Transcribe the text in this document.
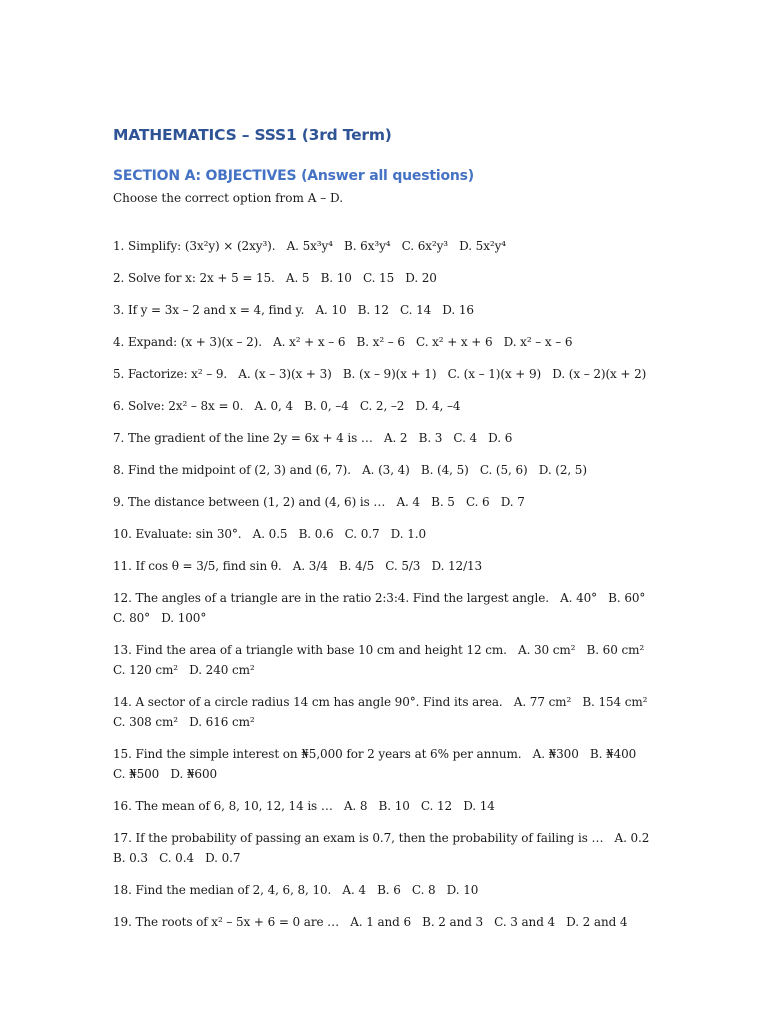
MATHEMATICS – SSS1 (3rd Term)
SECTION A: OBJECTIVES (Answer all questions)

Choose the correct option from A – D.

1. Simplify: (3x²y) × (2xy³).   A. 5x³y⁴   B. 6x³y⁴   C. 6x²y³   D. 5x²y⁴
2. Solve for x: 2x + 5 = 15.   A. 5   B. 10   C. 15   D. 20
3. If y = 3x – 2 and x = 4, find y.   A. 10   B. 12   C. 14   D. 16
4. Expand: (x + 3)(x – 2).   A. x² + x – 6   B. x² – 6   C. x² + x + 6   D. x² – x – 6
5. Factorize: x² – 9.   A. (x – 3)(x + 3)   B. (x – 9)(x + 1)   C. (x – 1)(x + 9)   D. (x – 2)(x + 2)
6. Solve: 2x² – 8x = 0.   A. 0, 4   B. 0, –4   C. 2, –2   D. 4, –4
7. The gradient of the line 2y = 6x + 4 is …   A. 2   B. 3   C. 4   D. 6
8. Find the midpoint of (2, 3) and (6, 7).   A. (3, 4)   B. (4, 5)   C. (5, 6)   D. (2, 5)
9. The distance between (1, 2) and (4, 6) is …   A. 4   B. 5   C. 6   D. 7
10. Evaluate: sin 30°.   A. 0.5   B. 0.6   C. 0.7   D. 1.0
11. If cos θ = 3/5, find sin θ.   A. 3/4   B. 4/5   C. 5/3   D. 12/13
12. The angles of a triangle are in the ratio 2:3:4. Find the largest angle.   A. 40°   B. 60°   C. 80°   D. 100°
13. Find the area of a triangle with base 10 cm and height 12 cm.   A. 30 cm²   B. 60 cm²   C. 120 cm²   D. 240 cm²
14. A sector of a circle radius 14 cm has angle 90°. Find its area.   A. 77 cm²   B. 154 cm²   C. 308 cm²   D. 616 cm²
15. Find the simple interest on ₦5,000 for 2 years at 6% per annum.   A. ₦300   B. ₦400   C. ₦500   D. ₦600
16. The mean of 6, 8, 10, 12, 14 is …   A. 8   B. 10   C. 12   D. 14
17. If the probability of passing an exam is 0.7, then the probability of failing is …   A. 0.2   B. 0.3   C. 0.4   D. 0.7
18. Find the median of 2, 4, 6, 8, 10.   A. 4   B. 6   C. 8   D. 10
19. The roots of x² – 5x + 6 = 0 are …   A. 1 and 6   B. 2 and 3   C. 3 and 4   D. 2 and 4
